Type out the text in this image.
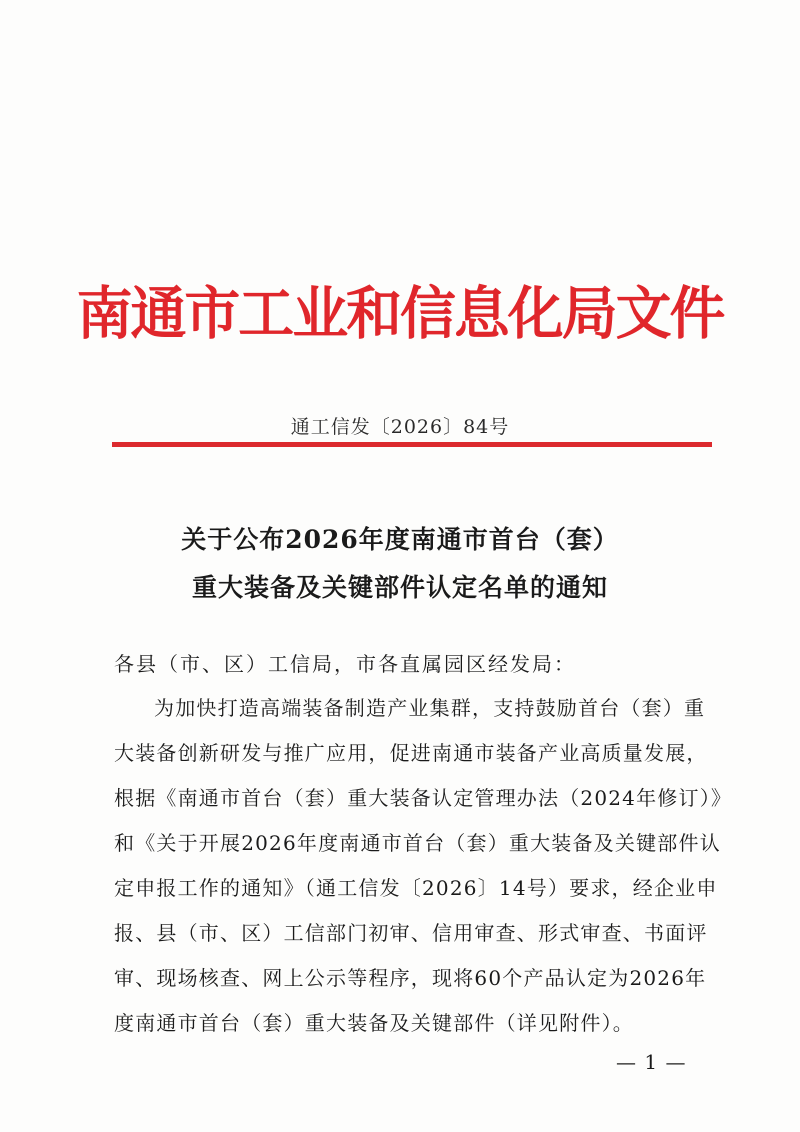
南通市工业和信息化局文件
通工信发〔2026〕84号
关于公布2026年度南通市首台（套）
重大装备及关键部件认定名单的通知
各县（市、区）工信局，市各直属园区经发局：
为加快打造高端装备制造产业集群，支持鼓励首台（套）重
大装备创新研发与推广应用，促进南通市装备产业高质量发展，
根据《南通市首台（套）重大装备认定管理办法（2024年修订）》
和《关于开展2026年度南通市首台（套）重大装备及关键部件认
定申报工作的通知》（通工信发〔2026〕14号）要求，经企业申
报、县（市、区）工信部门初审、信用审查、形式审查、书面评
审、现场核查、网上公示等程序，现将60个产品认定为2026年
度南通市首台（套）重大装备及关键部件（详见附件）。
— 1 —
